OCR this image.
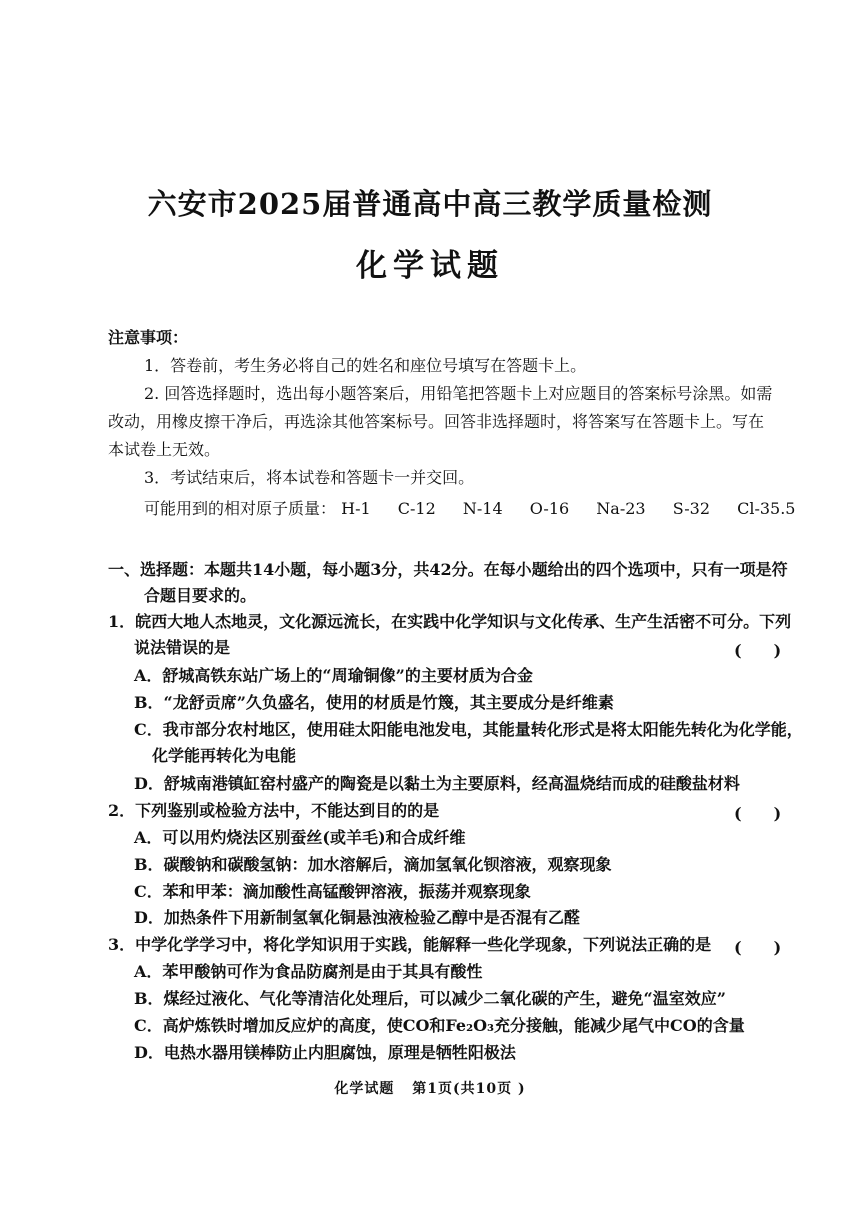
六安市2025届普通高中高三教学质量检测
化学试题
注意事项：
1．答卷前，考生务必将自己的姓名和座位号填写在答题卡上。
2. 回答选择题时，选出每小题答案后，用铅笔把答题卡上对应题目的答案标号涂黑。如需
改动，用橡皮擦干净后，再选涂其他答案标号。回答非选择题时，将答案写在答题卡上。写在
本试卷上无效。
3．考试结束后，将本试卷和答题卡一并交回。
可能用到的相对原子质量： H-1 C-12 N-14 O-16 Na-23 S-32 Cl-35.5
一、选择题：本题共14小题，每小题3分，共42分。在每小题给出的四个选项中，只有一项是符
合题目要求的。
1．皖西大地人杰地灵，文化源远流长，在实践中化学知识与文化传承、生产生活密不可分。下列
说法错误的是	(　　)
A．舒城高铁东站广场上的“周瑜铜像”的主要材质为合金
B．“龙舒贡席”久负盛名，使用的材质是竹篾，其主要成分是纤维素
C．我市部分农村地区，使用硅太阳能电池发电，其能量转化形式是将太阳能先转化为化学能，
化学能再转化为电能
D．舒城南港镇缸窑村盛产的陶瓷是以黏土为主要原料，经高温烧结而成的硅酸盐材料
2．下列鉴别或检验方法中，不能达到目的的是	(　　)
A．可以用灼烧法区别蚕丝(或羊毛)和合成纤维
B．碳酸钠和碳酸氢钠：加水溶解后，滴加氢氧化钡溶液，观察现象
C．苯和甲苯：滴加酸性高锰酸钾溶液，振荡并观察现象
D．加热条件下用新制氢氧化铜悬浊液检验乙醇中是否混有乙醛
3．中学化学学习中，将化学知识用于实践，能解释一些化学现象，下列说法正确的是 (　　)
A．苯甲酸钠可作为食品防腐剂是由于其具有酸性
B．煤经过液化、气化等清洁化处理后，可以减少二氧化碳的产生，避免“温室效应”
C．高炉炼铁时增加反应炉的高度，使CO和Fe₂O₃充分接触，能减少尾气中CO的含量
D．电热水器用镁棒防止内胆腐蚀，原理是牺牲阳极法
化学试题 第1页(共10页 )
